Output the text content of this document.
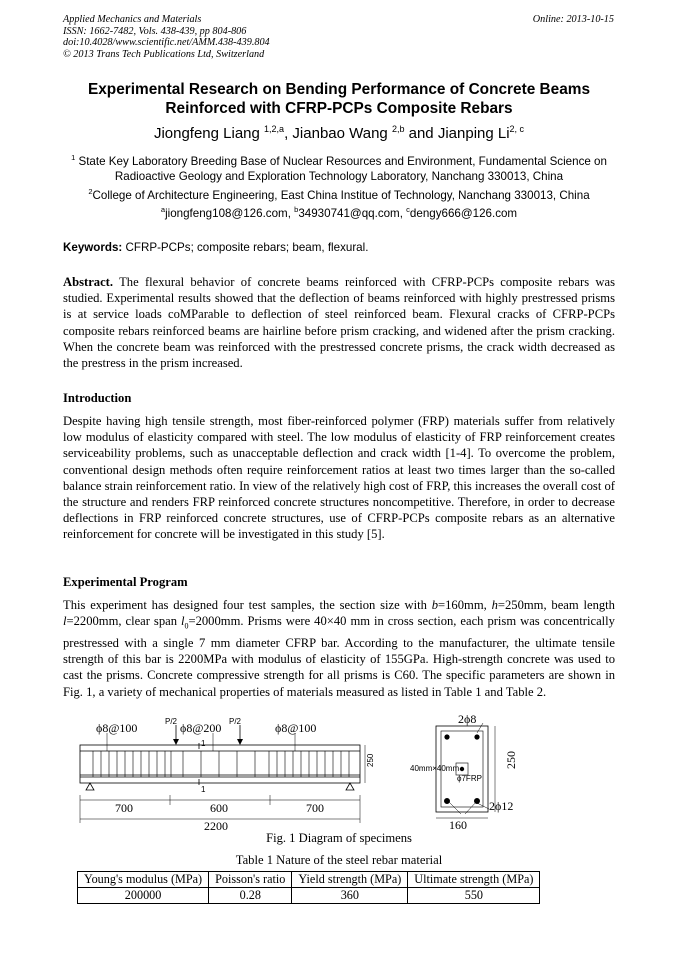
Applied Mechanics and Materials
ISSN: 1662-7482, Vols. 438-439, pp 804-806
doi:10.4028/www.scientific.net/AMM.438-439.804
© 2013 Trans Tech Publications Ltd, Switzerland
Online: 2013-10-15
Experimental Research on Bending Performance of Concrete Beams
Reinforced with CFRP-PCPs Composite Rebars
Jiongfeng Liang $^{1,2,a}$, Jianbao Wang $^{2,b}$ and Jianping Li$^{2, c}$
$^1$ State Key Laboratory Breeding Base of Nuclear Resources and Environment, Fundamental Science on Radioactive Geology and Exploration Technology Laboratory, Nanchang 330013, China
$^2$College of Architecture Engineering, East China Institue of Technology, Nanchang 330013, China
$^a$jiongfeng108@126.com, $^b$34930741@qq.com, $^c$dengy666@126.com
Keywords: CFRP-PCPs; composite rebars; beam, flexural.
Abstract. The flexural behavior of concrete beams reinforced with CFRP-PCPs composite rebars was studied. Experimental results showed that the deflection of beams reinforced with highly prestressed prisms is at service loads coMParable to deflection of steel reinforced beam. Flexural cracks of CFRP-PCPs composite rebars reinforced beams are hairline before prism cracking, and widened after the prism cracking. When the concrete beam was reinforced with the prestressed concrete prisms, the crack width decreased as the prestress in the prism increased.
Introduction
Despite having high tensile strength, most fiber-reinforced polymer (FRP) materials suffer from relatively low modulus of elasticity compared with steel. The low modulus of elasticity of FRP reinforcement creates serviceability problems, such as unacceptable deflection and crack width [1-4]. To overcome the problem, conventional design methods often require reinforcement ratios at least two times larger than the so-called balance strain reinforcement ratio. In view of the relatively high cost of FRP, this increases the overall cost of the structure and renders FRP reinforced concrete structures noncompetitive. Therefore, in order to decrease deflections in FRP reinforced concrete structures, use of CFRP-PCPs composite rebars as an alternative reinforcement for concrete will be investigated in this study [5].
Experimental Program
This experiment has designed four test samples, the section size with b=160mm, h=250mm, beam length l=2200mm, clear span $l_0=2000mm$. Prisms were 40×40 mm in cross section, each prism was concentrically prestressed with a single 7 mm diameter CFRP bar. According to the manufacturer, the ultimate tensile strength of this bar is 2200MPa with modulus of elasticity of 155GPa. High-strength concrete was used to cast the prisms. Concrete compressive strength for all prisms is C60. The specific parameters are shown in Fig. 1, a variety of mechanical properties of materials measured as listed in Table 1 and Table 2.
ϕ8@100	ϕ8@200	ϕ8@100
P/2	P/2
1
1
250
700	600	700
2200
2ϕ8
250
40mm×40mm
ϕ7FRP
2ϕ12
160
Fig. 1 Diagram of specimens
Table 1 Nature of the steel rebar material
Young's modulus (MPa)	Poisson's ratio	Yield strength (MPa)	Ultimate strength (MPa)
200000	0.28	360	550
